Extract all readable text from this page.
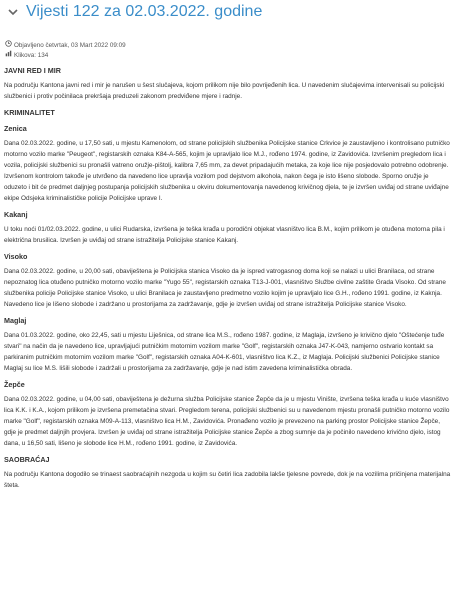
Vijesti 122 za 02.03.2022. godine
Objavljeno četvrtak, 03 Mart 2022 09:09
Klikova: 134
JAVNI RED I MIR

Na području Kantona javni red i mir je narušen u šest slučajeva, kojom prilikom nije bilo povrijeđenih lica. U navedenim slučajevima intervenisali su policijski službenici i protiv počinilaca prekršaja preduzeli zakonom predviđene mjere i radnje.

KRIMINALITET
Zenica

Dana 02.03.2022. godine, u 17,50 sati, u mjestu Kamenolom, od strane policijskih službenika Policijske stanice Crkvice je zaustavljeno i kontrolisano putničko motorno vozilo marke "Peugeot", registarskih oznaka K84-A-565, kojim je upravljalo lice M.J., rođeno 1974. godine, iz Zavidovića. Izvršenim pregledom lica i vozila, policijski službenici su pronašli vatreno oružje-pištolj, kalibra 7,65 mm, za devet pripadajućih metaka, za koje lice nije posjedovalo potrebno odobrenje. Izvršenom kontrolom takođe je utvrđeno da navedeno lice upravlja vozilom pod dejstvom alkohola, nakon čega je isto lišeno slobode. Sporno oružje je oduzeto i bit će predmet daljnjeg postupanja policijskih službenika u okviru dokumentovanja navedenog krivičnog djela, te je izvršen uviđaj od strane uviđajne ekipe Odsjeka kriminalističke policije Policijske uprave I.

Kakanj

U toku noći 01/02.03.2022. godine, u ulici Rudarska, izvršena je teška krađa u porodični objekat vlasništvo lica B.M., kojim prilikom je otuđena motorna pila i električna brusilica. Izvršen je uviđaj od strane istražitelja Policijske stanice Kakanj.

Visoko

Dana 02.03.2022. godine, u 20,00 sati, obaviještena je Policijska stanica Visoko da je ispred vatrogasnog doma koji se nalazi u ulici Branilaca, od strane nepoznatog lica otuđeno putničko motorno vozilo marke "Yugo 55", registarskih oznaka T13-J-001, vlasništvo Službe civilne zaštite Grada Visoko. Od strane službenika policije Policijske stanice Visoko, u ulici Branilaca je zaustavljeno predmetno vozilo kojim je upravljalo lice G.H., rođeno 1991. godine, iz Kaknja. Navedeno lice je lišeno slobode i zadržano u prostorijama za zadržavanje, gdje je izvršen uviđaj od strane istražitelja Policijske stanice Visoko.

Maglaj

Dana 01.03.2022. godine, oko 22,45, sati u mjestu Liješnica, od strane lica M.S., rođeno 1987. godine, iz Maglaja, izvršeno je krivično djelo "Oštećenje tuđe stvari" na način da je navedeno lice, upravljajući putničkim motornim vozilom marke "Golf", registarskih oznaka J47-K-043, namjerno ostvario kontakt sa parkiranim putničkim motornim vozilom marke "Golf", registarskih oznaka A04-K-601, vlasništvo lica K.Z., iz Maglaja. Policijski službenici Policijske stanice Maglaj su lice M.S. lišili slobode i zadržali u prostorijama za zadržavanje, gdje je nad istim zavedena kriminalistička obrada.

Žepče

Dana 02.03.2022. godine, u 04,00 sati, obaviještena je dežurna služba Policijske stanice Žepče da je u mjestu Vinište, izvršena teška krađa u kuće vlasništvo lica K.K. i K.A., kojom prilikom je izvršena premetačina stvari. Pregledom terena, policijski službenici su u navedenom mjestu pronašli putničko motorno vozilo marke "Golf", registarskih oznaka M09-A-113, vlasništvo lica H.M., Zavidovića. Pronađeno vozilo je prevezeno na parking prostor Policijske stanice Žepče, gdje je predmet daljnjih provjera. Izvršen je uviđaj od strane istražitelja Policijske stanice Žepče a zbog sumnje da je počinilo navedeno krivično djelo, istog dana, u 16,50 sati, lišeno je slobode lice H.M., rođeno 1991. godine, iz Zavidovića.

SAOBRAĆAJ

Na području Kantona dogodilo se trinaest saobraćajnih nezgoda u kojim su četiri lica zadobila lakše tjelesne povrede, dok je na vozilima pričinjena materijalna šteta.
